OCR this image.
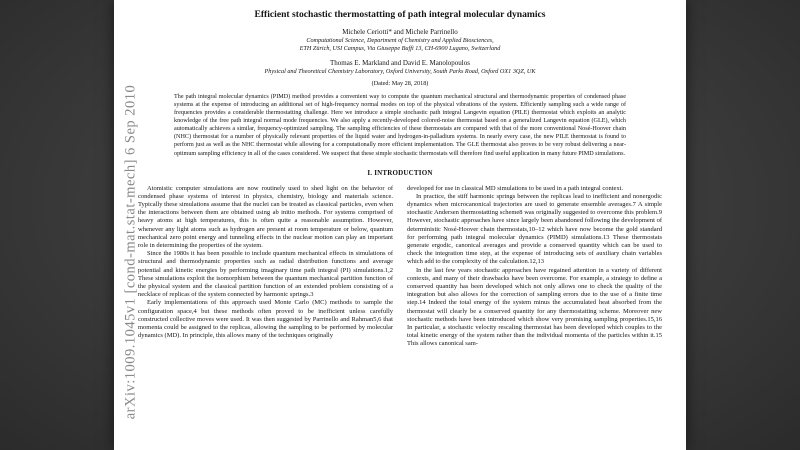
arXiv:1009.1045v1 [cond-mat.stat-mech] 6 Sep 2010
Efficient stochastic thermostatting of path integral molecular dynamics
Michele Ceriotti* and Michele Parrinello
Computational Science, Department of Chemistry and Applied Biosciences,
ETH Zürich, USI Campus, Via Giuseppe Buffi 13, CH-6900 Lugano, Switzerland
Thomas E. Markland and David E. Manolopoulos
Physical and Theoretical Chemistry Laboratory, Oxford University, South Parks Road, Oxford OX1 3QZ, UK
(Dated: May 28, 2018)
The path integral molecular dynamics (PIMD) method provides a convenient way to compute the quantum mechanical structural and thermodynamic properties of condensed phase systems at the expense of introducing an additional set of high-frequency normal modes on top of the physical vibrations of the system. Efficiently sampling such a wide range of frequencies provides a considerable thermostatting challenge. Here we introduce a simple stochastic path integral Langevin equation (PILE) thermostat which exploits an analytic knowledge of the free path integral normal mode frequencies. We also apply a recently-developed colored-noise thermostat based on a generalized Langevin equation (GLE), which automatically achieves a similar, frequency-optimized sampling. The sampling efficiencies of these thermostats are compared with that of the more conventional Nosé-Hoover chain (NHC) thermostat for a number of physically relevant properties of the liquid water and hydrogen-in-palladium systems. In nearly every case, the new PILE thermostat is found to perform just as well as the NHC thermostat while allowing for a computationally more efficient implementation. The GLE thermostat also proves to be very robust delivering a near-optimum sampling efficiency in all of the cases considered. We suspect that these simple stochastic thermostats will therefore find useful application in many future PIMD simulations.
I. INTRODUCTION

Atomistic computer simulations are now routinely used to shed light on the behavior of condensed phase systems of interest in physics, chemistry, biology and materials science. Typically these simulations assume that the nuclei can be treated as classical particles, even when the interactions between them are obtained using ab initio methods. For systems comprised of heavy atoms at high temperatures, this is often quite a reasonable assumption. However, whenever any light atoms such as hydrogen are present at room temperature or below, quantum mechanical zero point energy and tunneling effects in the nuclear motion can play an important role in determining the properties of the system.

Since the 1980s it has been possible to include quantum mechanical effects in simulations of structural and thermodynamic properties such as radial distribution functions and average potential and kinetic energies by performing imaginary time path integral (PI) simulations.1,2 These simulations exploit the isomorphism between the quantum mechanical partition function of the physical system and the classical partition function of an extended problem consisting of a necklace of replicas of the system connected by harmonic springs.3

Early implementations of this approach used Monte Carlo (MC) methods to sample the configuration space,4 but these methods often proved to be inefficient unless carefully constructed collective moves were used. It was then suggested by Parrinello and Rahman5,6 that momenta could be assigned to the replicas, allowing the sampling to be performed by molecular dynamics (MD). In principle, this allows many of the techniques originally

developed for use in classical MD simulations to be used in a path integral context.

In practice, the stiff harmonic springs between the replicas lead to inefficient and nonergodic dynamics when microcanonical trajectories are used to generate ensemble averages.7 A simple stochastic Andersen thermostatting scheme8 was originally suggested to overcome this problem.9 However, stochastic approaches have since largely been abandoned following the development of deterministic Nosé-Hoover chain thermostats,10–12 which have now become the gold standard for performing path integral molecular dynamics (PIMD) simulations.13 These thermostats generate ergodic, canonical averages and provide a conserved quantity which can be used to check the integration time step, at the expense of introducing sets of auxiliary chain variables which add to the complexity of the calculation.12,13

In the last few years stochastic approaches have regained attention in a variety of different contexts, and many of their drawbacks have been overcome. For example, a strategy to define a conserved quantity has been developed which not only allows one to check the quality of the integration but also allows for the correction of sampling errors due to the use of a finite time step.14 Indeed the total energy of the system minus the accumulated heat absorbed from the thermostat will clearly be a conserved quantity for any thermostatting scheme. Moreover new stochastic methods have been introduced which show very promising sampling properties.15,16 In particular, a stochastic velocity rescaling thermostat has been developed which couples to the total kinetic energy of the system rather than the individual momenta of the particles within it.15 This allows canonical sam-
